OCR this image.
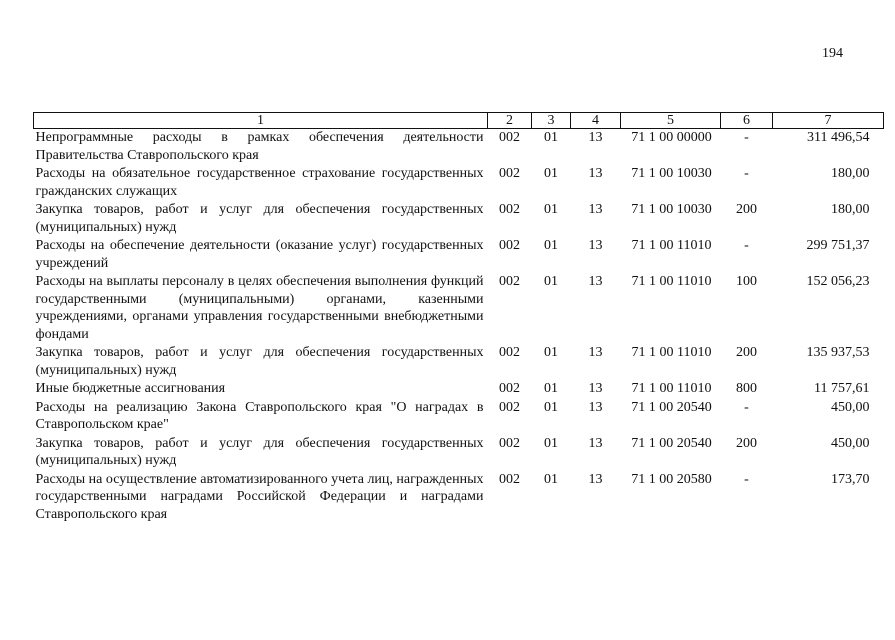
194
1	2	3	4	5	6	7
Непрограммные расходы в рамках обеспечения деятельности Правительства Ставропольского края	002	01	13	71 1 00 00000	-	311 496,54
Расходы на обязательное государственное страхование государственных гражданских служащих	002	01	13	71 1 00 10030	-	180,00
Закупка товаров, работ и услуг для обеспечения государственных (муниципальных) нужд	002	01	13	71 1 00 10030	200	180,00
Расходы на обеспечение деятельности (оказание услуг) государственных учреждений	002	01	13	71 1 00 11010	-	299 751,37
Расходы на выплаты персоналу в целях обеспечения выполнения функций государственными (муниципальными) органами, казенными учреждениями, органами управления государственными внебюджетными фондами	002	01	13	71 1 00 11010	100	152 056,23
Закупка товаров, работ и услуг для обеспечения государственных (муниципальных) нужд	002	01	13	71 1 00 11010	200	135 937,53
Иные бюджетные ассигнования	002	01	13	71 1 00 11010	800	11 757,61
Расходы на реализацию Закона Ставропольского края "О наградах в Ставропольском крае"	002	01	13	71 1 00 20540	-	450,00
Закупка товаров, работ и услуг для обеспечения государственных (муниципальных) нужд	002	01	13	71 1 00 20540	200	450,00
Расходы на осуществление автоматизированного учета лиц, награжденных государственными наградами Российской Федерации и наградами Ставропольского края	002	01	13	71 1 00 20580	-	173,70
